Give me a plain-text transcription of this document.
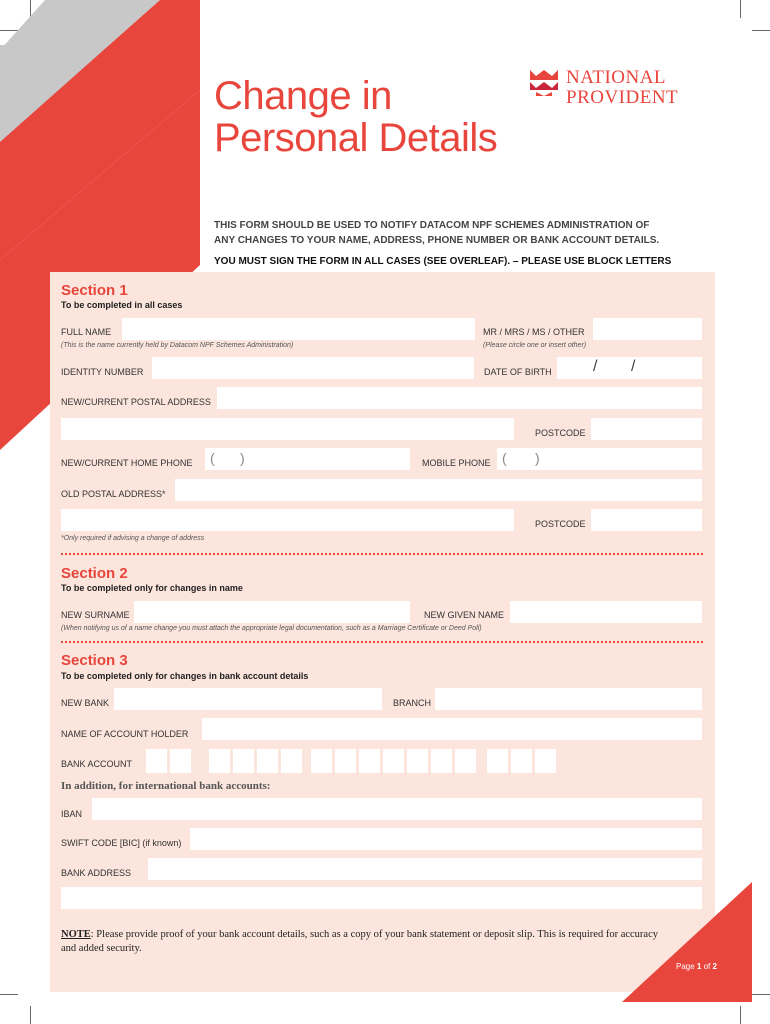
Change in
Personal Details
NATIONAL
PROVIDENT
THIS FORM SHOULD BE USED TO NOTIFY DATACOM NPF SCHEMES ADMINISTRATION OF
ANY CHANGES TO YOUR NAME, ADDRESS, PHONE NUMBER OR BANK ACCOUNT DETAILS.
YOU MUST SIGN THE FORM IN ALL CASES (SEE OVERLEAF). – PLEASE USE BLOCK LETTERS
Section 1
To be completed in all cases
FULL NAME
(This is the name currently held by Datacom NPF Schemes Administration)
MR / MRS / MS / OTHER
(Please circle one or insert other)
IDENTITY NUMBER	DATE OF BIRTH	/ /
NEW/CURRENT POSTAL ADDRESS
POSTCODE
NEW/CURRENT HOME PHONE ( )	MOBILE PHONE ( )
OLD POSTAL ADDRESS*
POSTCODE
*Only required if advising a change of address
Section 2
To be completed only for changes in name
NEW SURNAME	NEW GIVEN NAME
(When notifying us of a name change you must attach the appropriate legal documentation, such as a Marriage Certificate or Deed Poll)
Section 3
To be completed only for changes in bank account details
NEW BANK	BRANCH
NAME OF ACCOUNT HOLDER
BANK ACCOUNT
In addition, for international bank accounts:
IBAN
SWIFT CODE [BIC] (if known)
BANK ADDRESS
NOTE: Please provide proof of your bank account details, such as a copy of your bank statement or deposit slip. This is required for accuracy and added security.
Page 1 of 2
